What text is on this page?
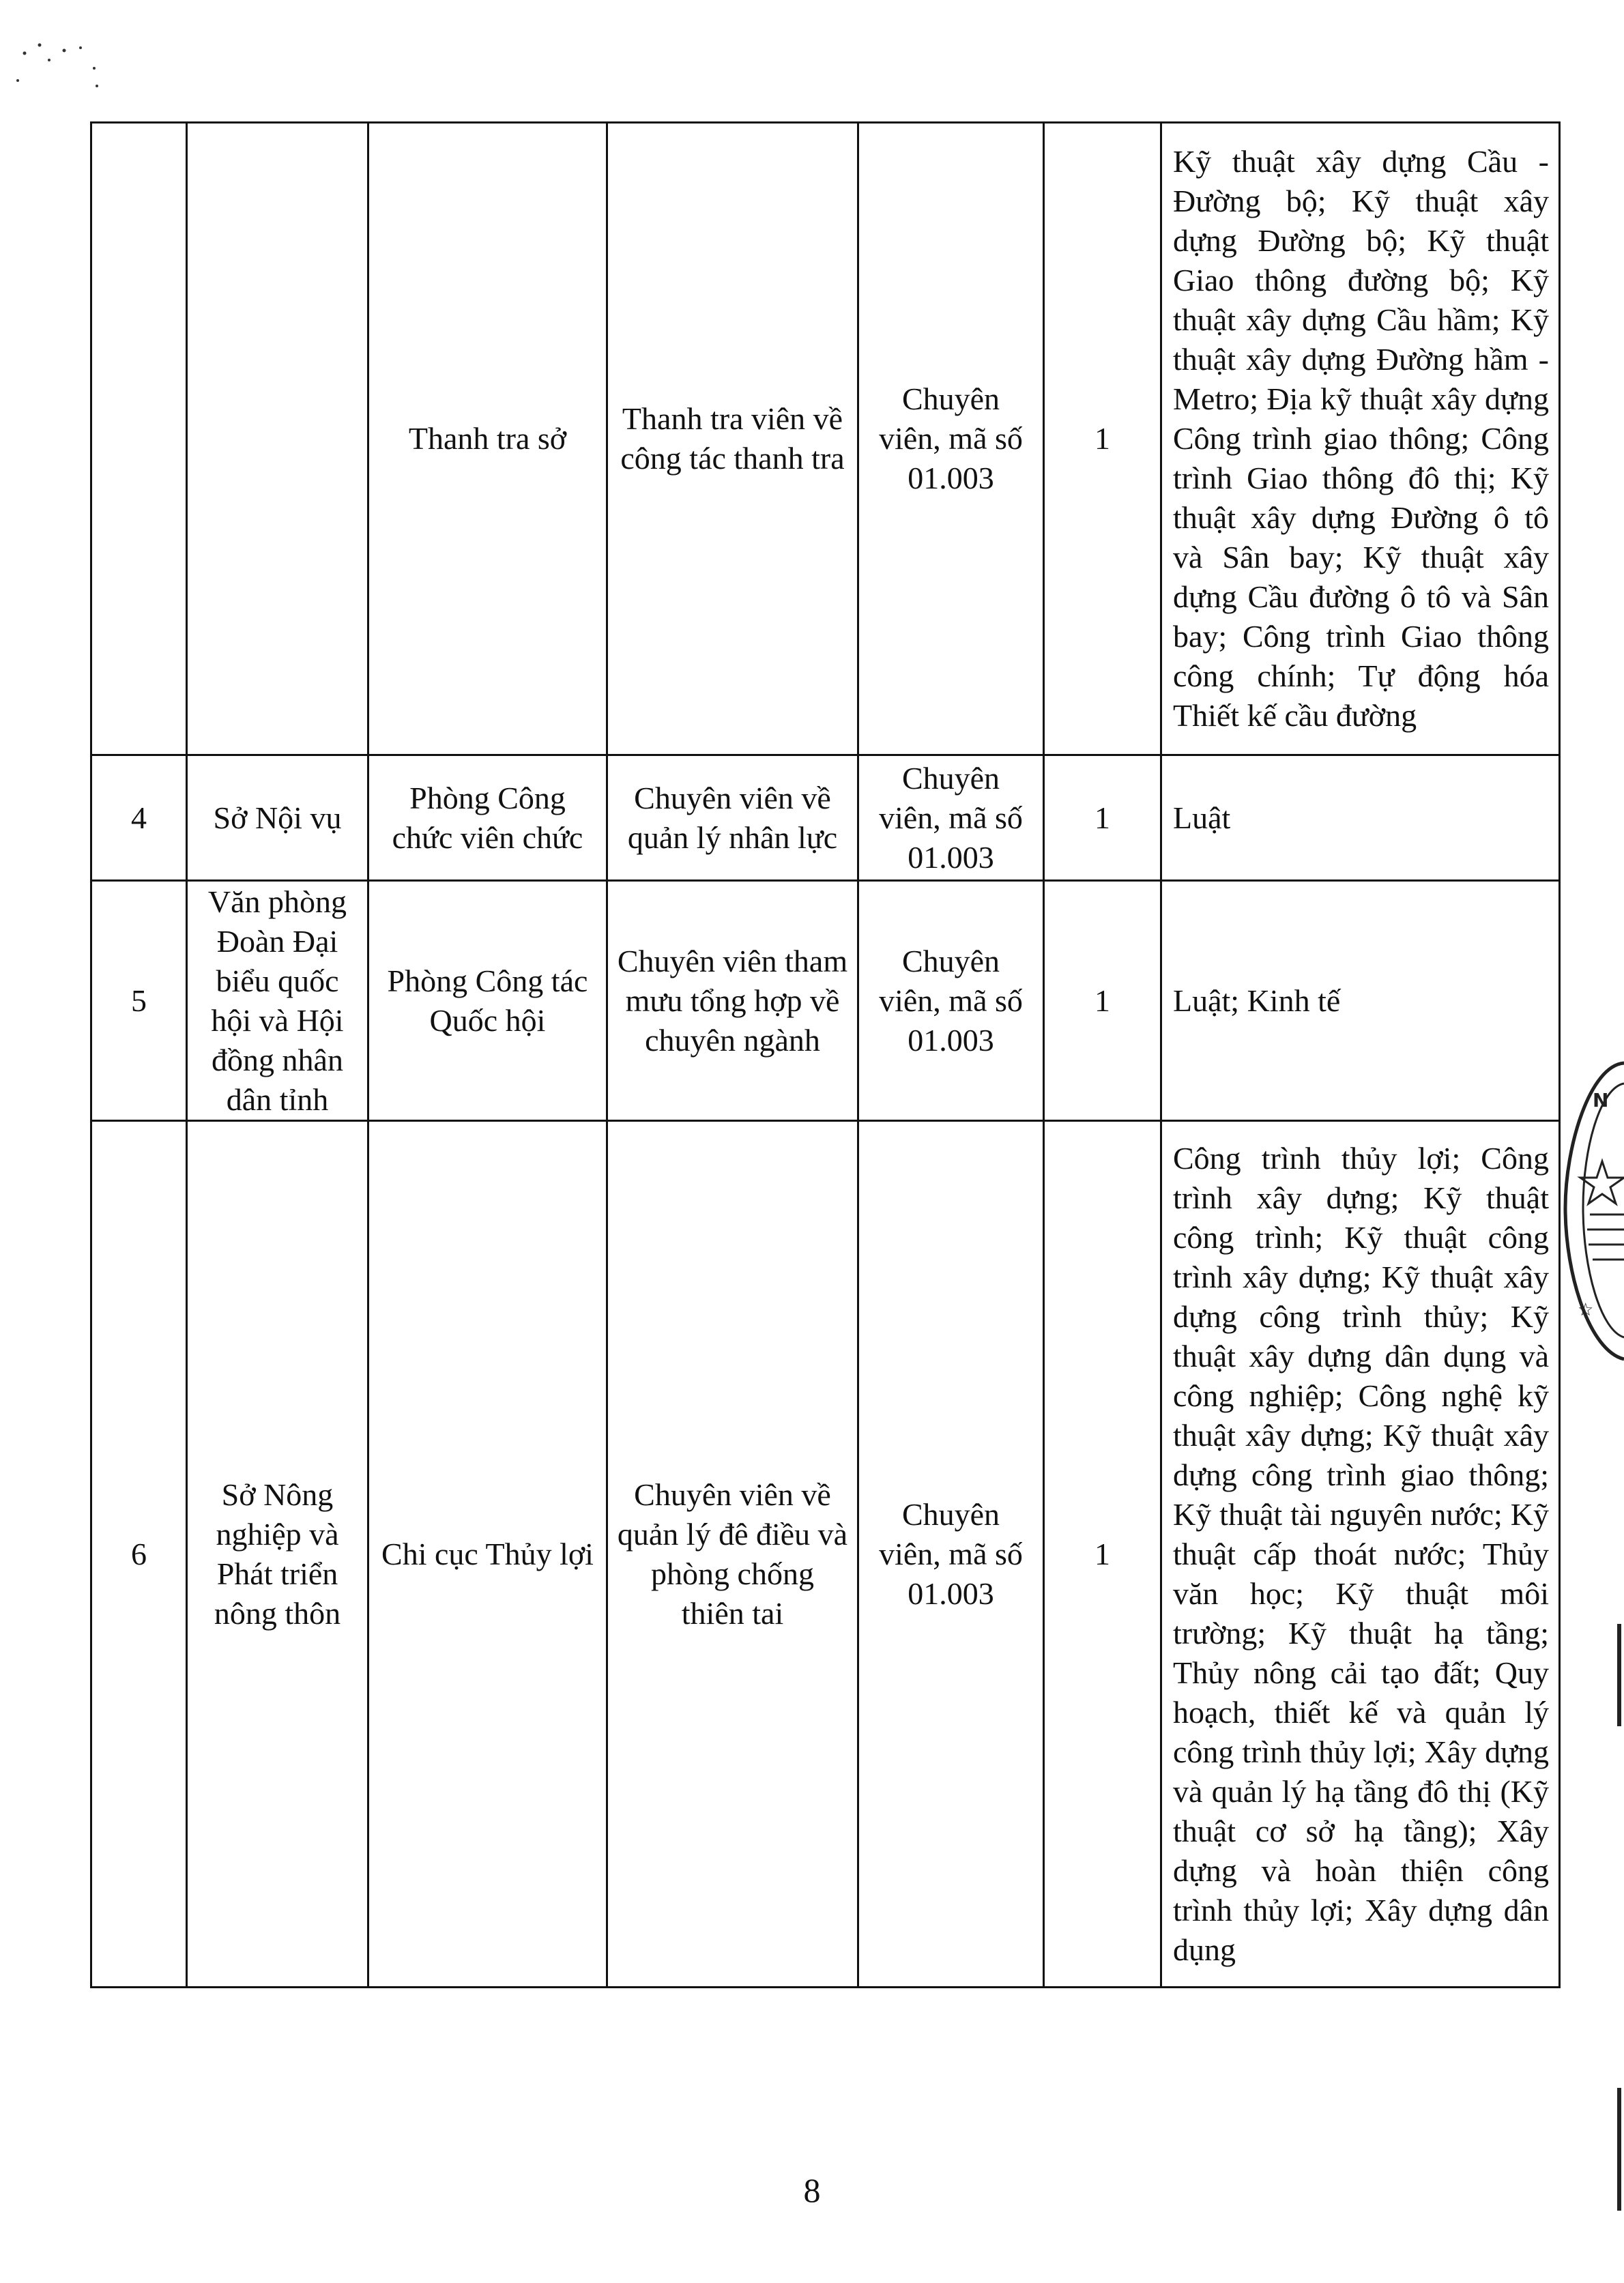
		Thanh tra sở	Thanh tra viên về công tác thanh tra	Chuyên viên, mã số 01.003	1	Kỹ thuật xây dựng Cầu - Đường bộ; Kỹ thuật xây dựng Đường bộ; Kỹ thuật Giao thông đường bộ; Kỹ thuật xây dựng Cầu hầm; Kỹ thuật xây dựng Đường hầm -Metro; Địa kỹ thuật xây dựng Công trình giao thông; Công trình Giao thông đô thị; Kỹ thuật xây dựng Đường ô tô và Sân bay; Kỹ thuật xây dựng Cầu đường ô tô và Sân bay; Công trình Giao thông công chính; Tự động hóa Thiết kế cầu đường
4	Sở Nội vụ	Phòng Công chức viên chức	Chuyên viên về quản lý nhân lực	Chuyên viên, mã số 01.003	1	Luật
5	Văn phòng Đoàn Đại biểu quốc hội và Hội đồng nhân dân tỉnh	Phòng Công tác Quốc hội	Chuyên viên tham mưu tổng hợp về chuyên ngành	Chuyên viên, mã số 01.003	1	Luật; Kinh tế
6	Sở Nông nghiệp và Phát triển nông thôn	Chi cục Thủy lợi	Chuyên viên về quản lý đê điều và phòng chống thiên tai	Chuyên viên, mã số 01.003	1	Công trình thủy lợi; Công trình xây dựng; Kỹ thuật công trình; Kỹ thuật công trình xây dựng; Kỹ thuật xây dựng công trình thủy; Kỹ thuật xây dựng dân dụng và công nghiệp; Công nghệ kỹ thuật xây dựng; Kỹ thuật xây dựng công trình giao thông; Kỹ thuật tài nguyên nước; Kỹ thuật cấp thoát nước; Thủy văn học; Kỹ thuật môi trường; Kỹ thuật hạ tầng; Thủy nông cải tạo đất; Quy hoạch, thiết kế và quản lý công trình thủy lợi; Xây dựng và quản lý hạ tầng đô thị (Kỹ thuật cơ sở hạ tầng); Xây dựng và hoàn thiện công trình thủy lợi; Xây dựng dân dụng
N
☆
8
